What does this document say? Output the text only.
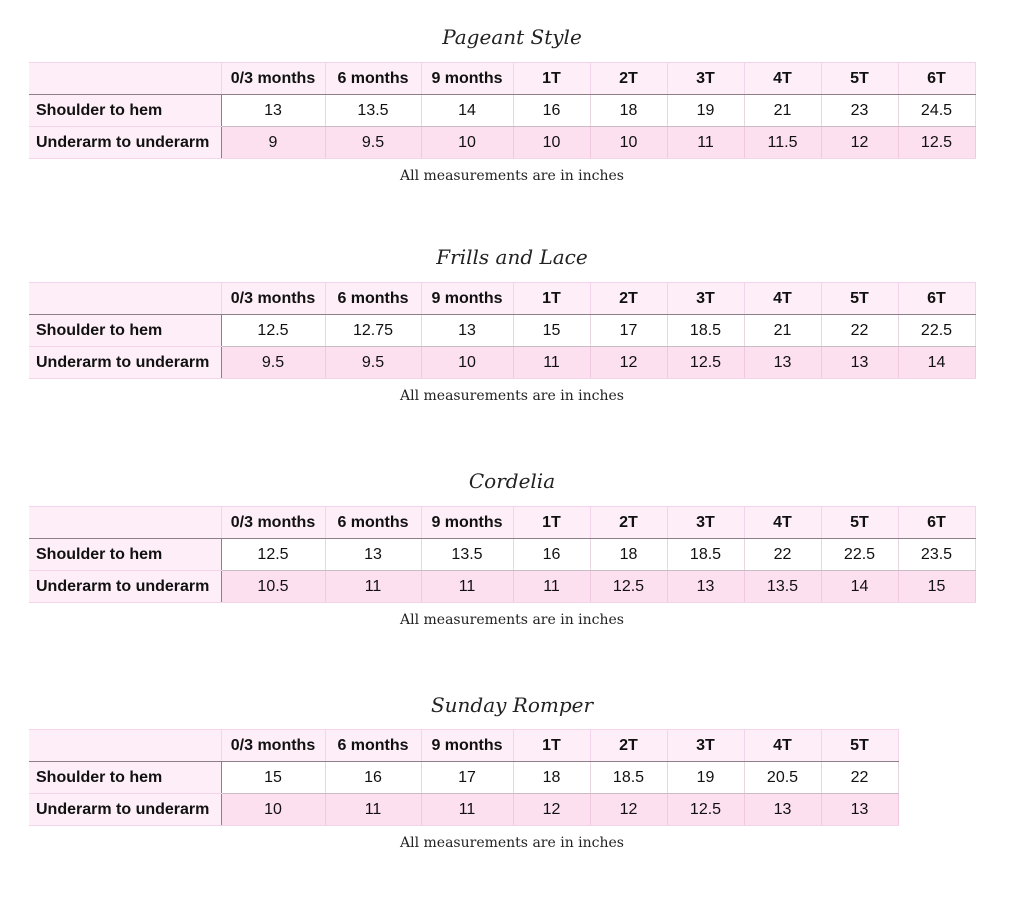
Pageant Style
	0/3 months	6 months	9 months	1T	2T	3T	4T	5T	6T
Shoulder to hem	13	13.5	14	16	18	19	21	23	24.5
Underarm to underarm	9	9.5	10	10	10	11	11.5	12	12.5
All measurements are in inches
Frills and Lace
	0/3 months	6 months	9 months	1T	2T	3T	4T	5T	6T
Shoulder to hem	12.5	12.75	13	15	17	18.5	21	22	22.5
Underarm to underarm	9.5	9.5	10	11	12	12.5	13	13	14
All measurements are in inches
Cordelia
	0/3 months	6 months	9 months	1T	2T	3T	4T	5T	6T
Shoulder to hem	12.5	13	13.5	16	18	18.5	22	22.5	23.5
Underarm to underarm	10.5	11	11	11	12.5	13	13.5	14	15
All measurements are in inches
Sunday Romper
	0/3 months	6 months	9 months	1T	2T	3T	4T	5T
Shoulder to hem	15	16	17	18	18.5	19	20.5	22
Underarm to underarm	10	11	11	12	12	12.5	13	13
All measurements are in inches
